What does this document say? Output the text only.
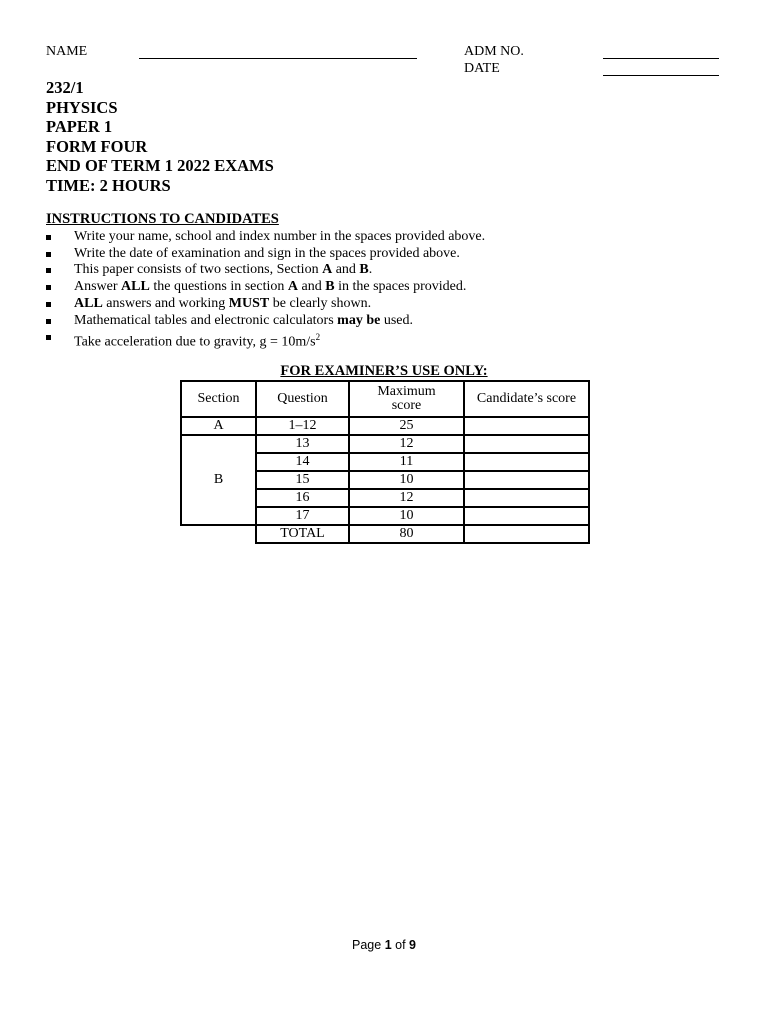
NAME	ADM NO.
DATE
232/1
PHYSICS
PAPER 1
FORM FOUR
END OF TERM 1 2022 EXAMS
TIME: 2 HOURS
INSTRUCTIONS TO CANDIDATES
Write your name, school and index number in the spaces provided above.
Write the date of examination and sign in the spaces provided above.
This paper consists of two sections, Section A and B.
Answer ALL the questions in section A and B in the spaces provided.
ALL answers and working MUST be clearly shown.
Mathematical tables and electronic calculators may be used.
Take acceleration due to gravity, $g = 10m/s^2$
FOR EXAMINER’S USE ONLY:
Section	Question	Maximum score	Candidate’s score
A	1–12	25	
B	13	12	
	14	11	
	15	10	
	16	12	
	17	10	
	TOTAL	80	
Page 1 of 9
